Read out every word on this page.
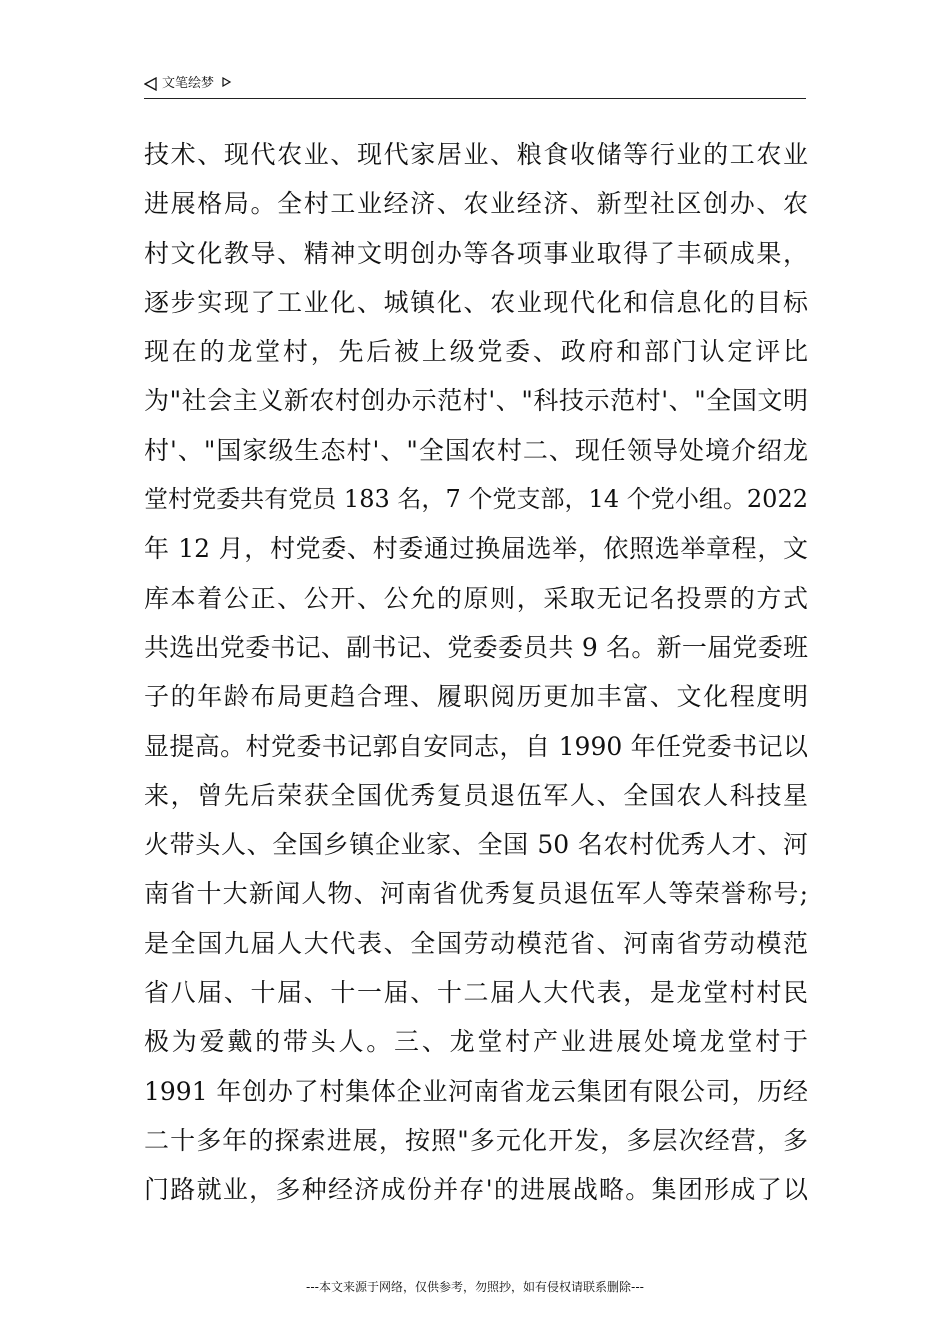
文笔绘梦
技术、现代农业、现代家居业、粮食收储等行业的工农业
进展格局。全村工业经济、农业经济、新型社区创办、农
村文化教导、精神文明创办等各项事业取得了丰硕成果，
逐步实现了工业化、城镇化、农业现代化和信息化的目标
现在的龙堂村，先后被上级党委、政府和部门认定评比
为"社会主义新农村创办示范村'、"科技示范村'、"全国文明
村'、"国家级生态村'、"全国农村二、现任领导处境介绍龙
堂村党委共有党员 183 名，7 个党支部，14 个党小组。2022
年 12 月，村党委、村委通过换届选举，依照选举章程，文
库本着公正、公开、公允的原则，采取无记名投票的方式
共选出党委书记、副书记、党委委员共 9 名。新一届党委班
子的年龄布局更趋合理、履职阅历更加丰富、文化程度明
显提高。村党委书记郭自安同志，自 1990 年任党委书记以
来，曾先后荣获全国优秀复员退伍军人、全国农人科技星
火带头人、全国乡镇企业家、全国 50 名农村优秀人才、河
南省十大新闻人物、河南省优秀复员退伍军人等荣誉称号;
是全国九届人大代表、全国劳动模范省、河南省劳动模范
省八届、十届、十一届、十二届人大代表，是龙堂村村民
极为爱戴的带头人。三、龙堂村产业进展处境龙堂村于
1991 年创办了村集体企业河南省龙云集团有限公司，历经
二十多年的探索进展，按照"多元化开发，多层次经营，多
门路就业，多种经济成份并存'的进展战略。集团形成了以
---本文来源于网络，仅供参考，勿照抄，如有侵权请联系删除---
